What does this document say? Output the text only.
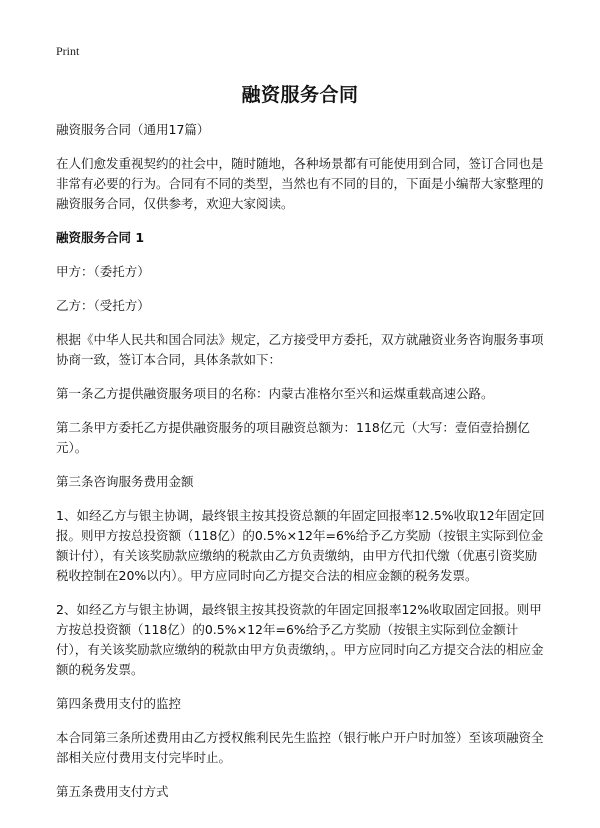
Print
融资服务合同

融资服务合同（通用17篇）

在人们愈发重视契约的社会中，随时随地，各种场景都有可能使用到合同，签订合同也是非常有必要的行为。合同有不同的类型，当然也有不同的目的，下面是小编帮大家整理的融资服务合同，仅供参考，欢迎大家阅读。

融资服务合同 1

甲方：（委托方）

乙方：（受托方）

根据《中华人民共和国合同法》规定，乙方接受甲方委托，双方就融资业务咨询服务事项协商一致，签订本合同，具体条款如下：

第一条乙方提供融资服务项目的名称：内蒙古准格尔至兴和运煤重载高速公路。

第二条甲方委托乙方提供融资服务的项目融资总额为：118亿元（大写：壹佰壹拾捌亿元）。

第三条咨询服务费用金额

1、如经乙方与银主协调，最终银主按其投资总额的年固定回报率12.5%收取12年固定回报。则甲方按总投资额（118亿）的0.5%×12年=6%给予乙方奖励（按银主实际到位金额计付），有关该奖励款应缴纳的税款由乙方负责缴纳，由甲方代扣代缴（优惠引资奖励税收控制在20%以内）。甲方应同时向乙方提交合法的相应金额的税务发票。

2、如经乙方与银主协调，最终银主按其投资款的年固定回报率12%收取固定回报。则甲方按总投资额（118亿）的0.5%×12年=6%给予乙方奖励（按银主实际到位金额计付），有关该奖励款应缴纳的税款由甲方负责缴纳，。甲方应同时向乙方提交合法的相应金额的税务发票。

第四条费用支付的监控

本合同第三条所述费用由乙方授权熊利民先生监控（银行帐户开户时加签）至该项融资全部相关应付费用支付完毕时止。

第五条费用支付方式
